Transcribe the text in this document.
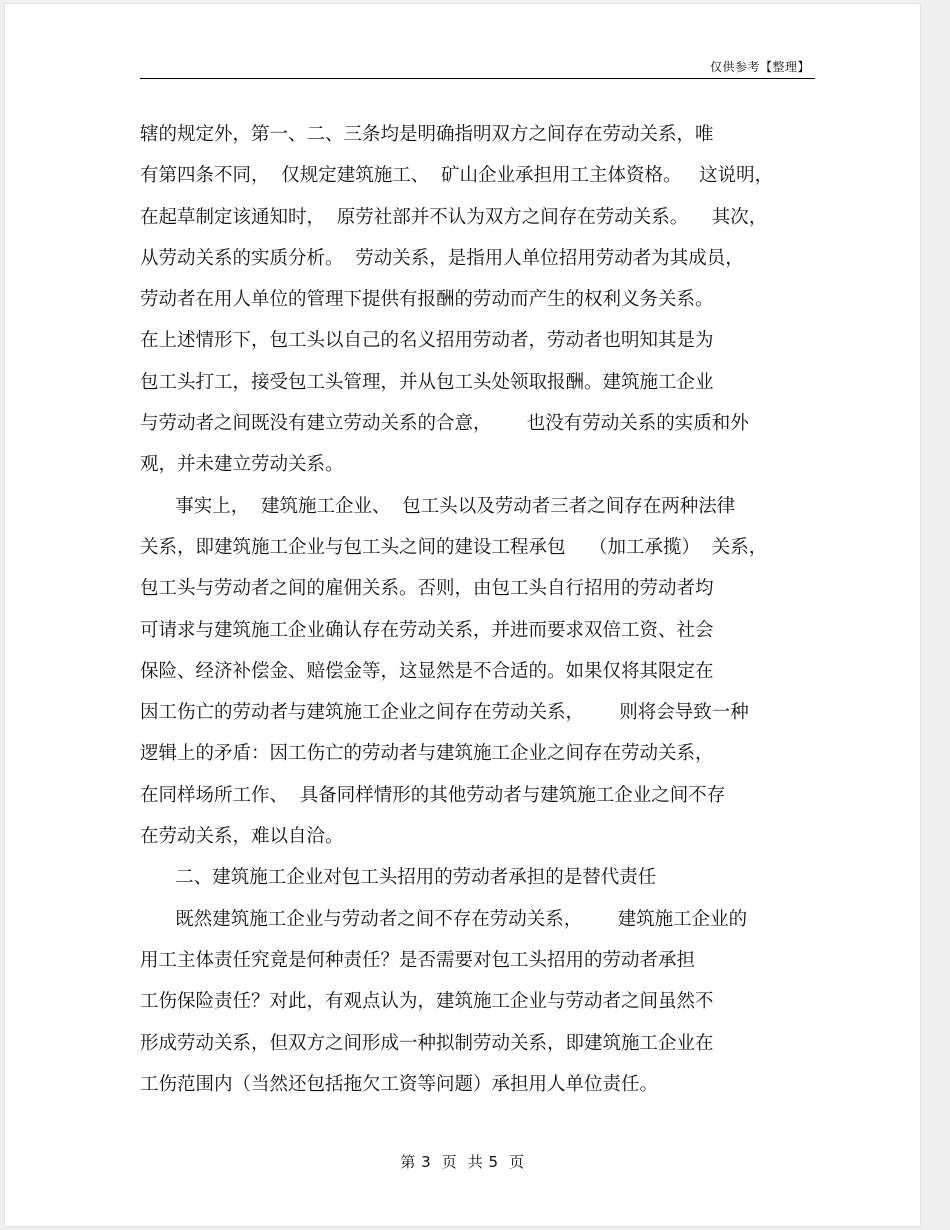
仅供参考【整理】
辖的规定外，第一、二、三条均是明确指明双方之间存在劳动关系，唯
有第四条不同，  仅规定建筑施工、  矿山企业承担用工主体资格。   这说明，
在起草制定该通知时，  原劳社部并不认为双方之间存在劳动关系。    其次，
从劳动关系的实质分析。  劳动关系，是指用人单位招用劳动者为其成员，
劳动者在用人单位的管理下提供有报酬的劳动而产生的权利义务关系。
在上述情形下，包工头以自己的名义招用劳动者，劳动者也明知其是为
包工头打工，接受包工头管理，并从包工头处领取报酬。建筑施工企业
与劳动者之间既没有建立劳动关系的合意，      也没有劳动关系的实质和外
观，并未建立劳动关系。
事实上，  建筑施工企业、  包工头以及劳动者三者之间存在两种法律
关系，即建筑施工企业与包工头之间的建设工程承包    （加工承揽）  关系，
包工头与劳动者之间的雇佣关系。否则，由包工头自行招用的劳动者均
可请求与建筑施工企业确认存在劳动关系，并进而要求双倍工资、社会
保险、经济补偿金、赔偿金等，这显然是不合适的。如果仅将其限定在
因工伤亡的劳动者与建筑施工企业之间存在劳动关系，      则将会导致一种
逻辑上的矛盾：因工伤亡的劳动者与建筑施工企业之间存在劳动关系，
在同样场所工作、  具备同样情形的其他劳动者与建筑施工企业之间不存
在劳动关系，难以自洽。
二、建筑施工企业对包工头招用的劳动者承担的是替代责任
既然建筑施工企业与劳动者之间不存在劳动关系，      建筑施工企业的
用工主体责任究竟是何种责任？是否需要对包工头招用的劳动者承担
工伤保险责任？对此，有观点认为，建筑施工企业与劳动者之间虽然不
形成劳动关系，但双方之间形成一种拟制劳动关系，即建筑施工企业在
工伤范围内（当然还包括拖欠工资等问题）承担用人单位责任。
第 3  页  共 5  页
